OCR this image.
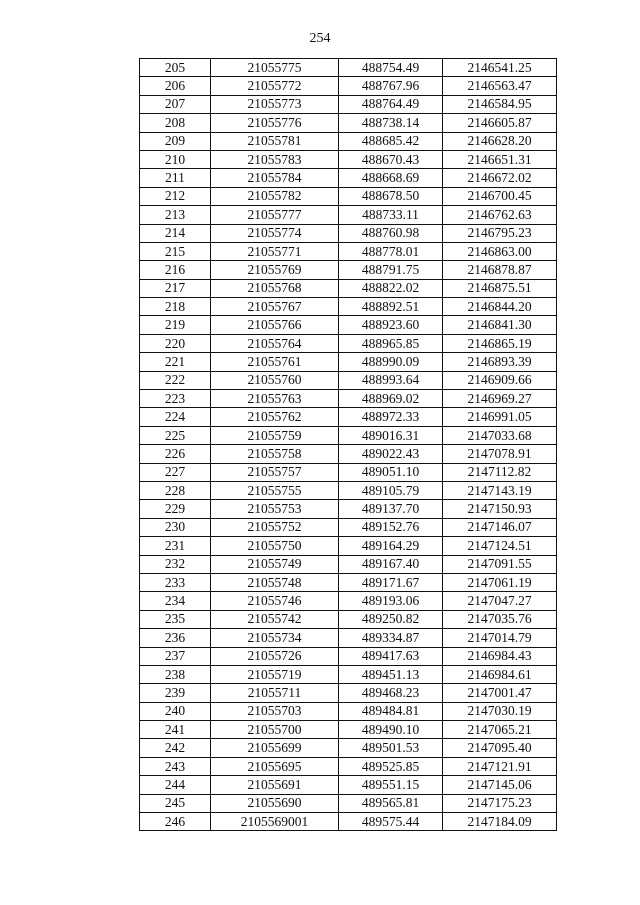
254
205	21055775	488754.49	2146541.25
206	21055772	488767.96	2146563.47
207	21055773	488764.49	2146584.95
208	21055776	488738.14	2146605.87
209	21055781	488685.42	2146628.20
210	21055783	488670.43	2146651.31
211	21055784	488668.69	2146672.02
212	21055782	488678.50	2146700.45
213	21055777	488733.11	2146762.63
214	21055774	488760.98	2146795.23
215	21055771	488778.01	2146863.00
216	21055769	488791.75	2146878.87
217	21055768	488822.02	2146875.51
218	21055767	488892.51	2146844.20
219	21055766	488923.60	2146841.30
220	21055764	488965.85	2146865.19
221	21055761	488990.09	2146893.39
222	21055760	488993.64	2146909.66
223	21055763	488969.02	2146969.27
224	21055762	488972.33	2146991.05
225	21055759	489016.31	2147033.68
226	21055758	489022.43	2147078.91
227	21055757	489051.10	2147112.82
228	21055755	489105.79	2147143.19
229	21055753	489137.70	2147150.93
230	21055752	489152.76	2147146.07
231	21055750	489164.29	2147124.51
232	21055749	489167.40	2147091.55
233	21055748	489171.67	2147061.19
234	21055746	489193.06	2147047.27
235	21055742	489250.82	2147035.76
236	21055734	489334.87	2147014.79
237	21055726	489417.63	2146984.43
238	21055719	489451.13	2146984.61
239	21055711	489468.23	2147001.47
240	21055703	489484.81	2147030.19
241	21055700	489490.10	2147065.21
242	21055699	489501.53	2147095.40
243	21055695	489525.85	2147121.91
244	21055691	489551.15	2147145.06
245	21055690	489565.81	2147175.23
246	2105569001	489575.44	2147184.09
